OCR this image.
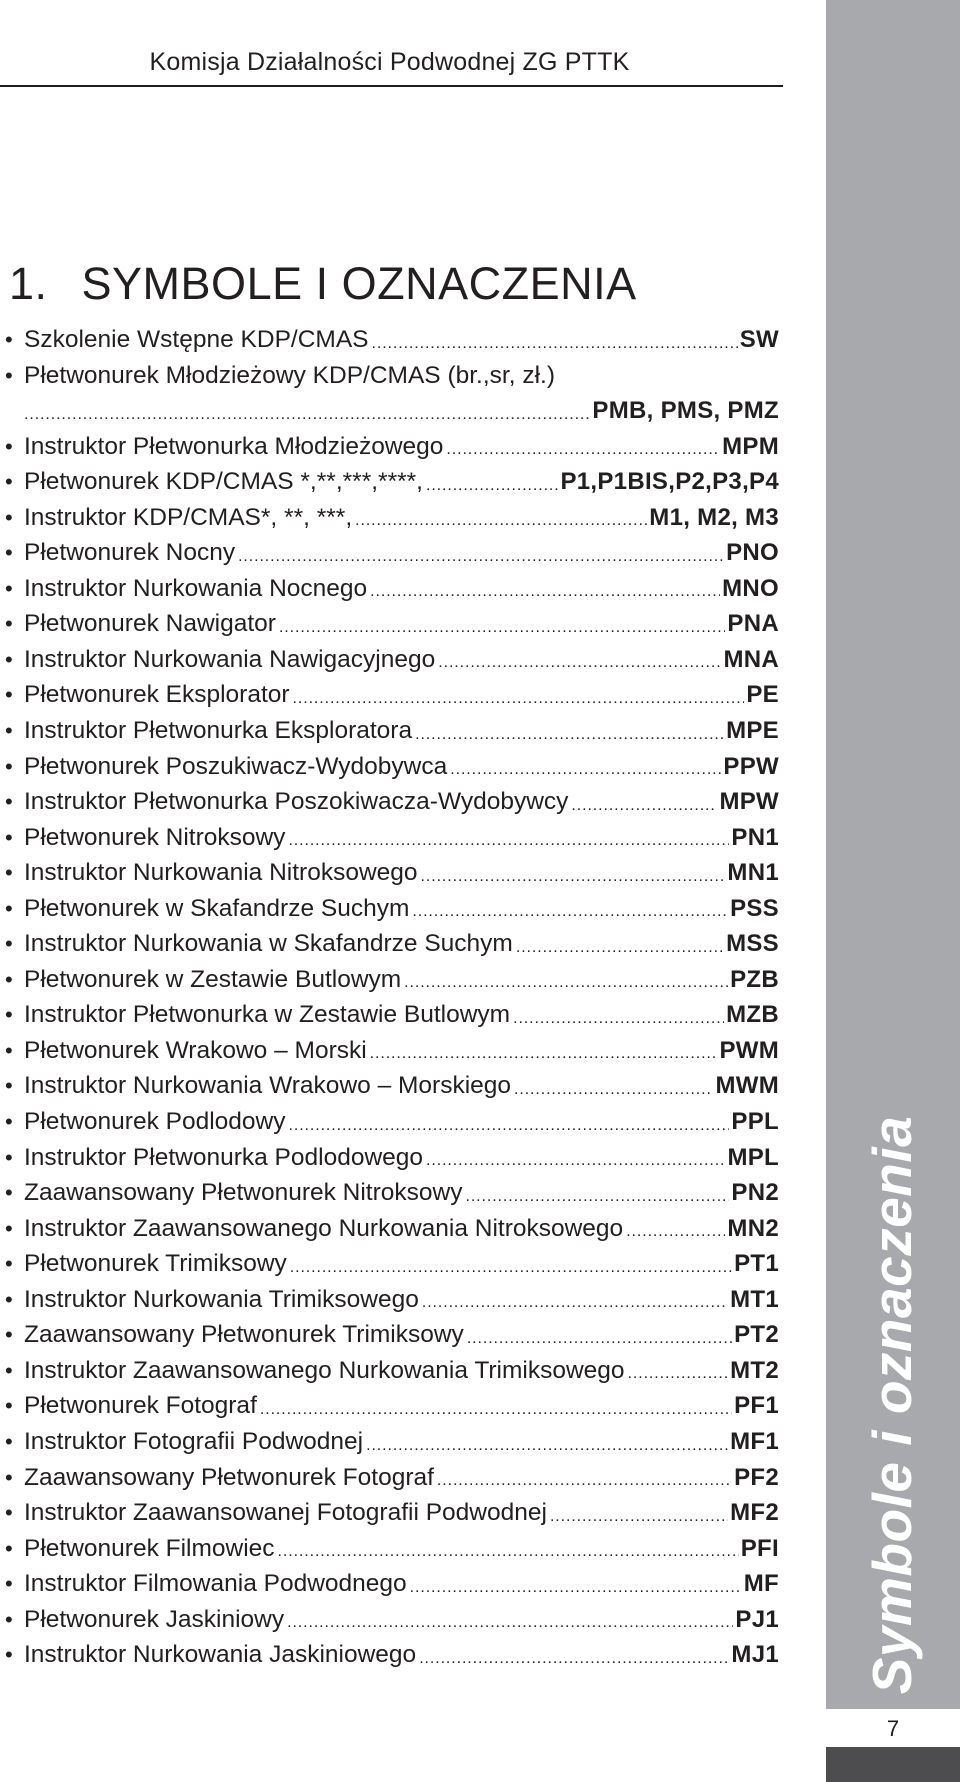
Komisja Działalności Podwodnej ZG PTTK
1. SYMBOLE I OZNACZENIA
• Szkolenie Wstępne KDP/CMAS .....	SW
• Płetwonurek Młodzieżowy KDP/CMAS (br.,sr, zł.)
.....
PMB, PMS, PMZ
• Instruktor Płetwonurka Młodzieżowego .....	MPM
• Płetwonurek KDP/CMAS *,**,***,****, .....	P1,P1BIS,P2,P3,P4
• Instruktor KDP/CMAS*, **, ***, .....	M1, M2, M3
• Płetwonurek Nocny .....	PNO
• Instruktor Nurkowania Nocnego .....	MNO
• Płetwonurek Nawigator .....	PNA
• Instruktor Nurkowania Nawigacyjnego .....	MNA
• Płetwonurek Eksplorator .....	PE
• Instruktor Płetwonurka Eksploratora .....	MPE
• Płetwonurek Poszukiwacz-Wydobywca .....	PPW
• Instruktor Płetwonurka Poszokiwacza-Wydobywcy .....	MPW
• Płetwonurek Nitroksowy .....	PN1
• Instruktor Nurkowania Nitroksowego .....	MN1
• Płetwonurek w Skafandrze Suchym .....	PSS
• Instruktor Nurkowania w Skafandrze Suchym .....	MSS
• Płetwonurek w Zestawie Butlowym .....	PZB
• Instruktor Płetwonurka w Zestawie Butlowym .....	MZB
• Płetwonurek Wrakowo – Morski .....	PWM
• Instruktor Nurkowania Wrakowo – Morskiego .....	MWM
• Płetwonurek Podlodowy .....	PPL
• Instruktor Płetwonurka Podlodowego .....	MPL
• Zaawansowany Płetwonurek Nitroksowy .....	PN2
• Instruktor Zaawansowanego Nurkowania Nitroksowego .....	MN2
• Płetwonurek Trimiksowy .....	PT1
• Instruktor Nurkowania Trimiksowego .....	MT1
• Zaawansowany Płetwonurek Trimiksowy .....	PT2
• Instruktor Zaawansowanego Nurkowania Trimiksowego .....	MT2
• Płetwonurek Fotograf .....	PF1
• Instruktor Fotografii Podwodnej .....	MF1
• Zaawansowany Płetwonurek Fotograf .....	PF2
• Instruktor Zaawansowanej Fotografii Podwodnej .....	MF2
• Płetwonurek Filmowiec .....	PFI
• Instruktor Filmowania Podwodnego .....	MF
• Płetwonurek Jaskiniowy .....	PJ1
• Instruktor Nurkowania Jaskiniowego .....	MJ1 Symbole i oznaczenia
7
